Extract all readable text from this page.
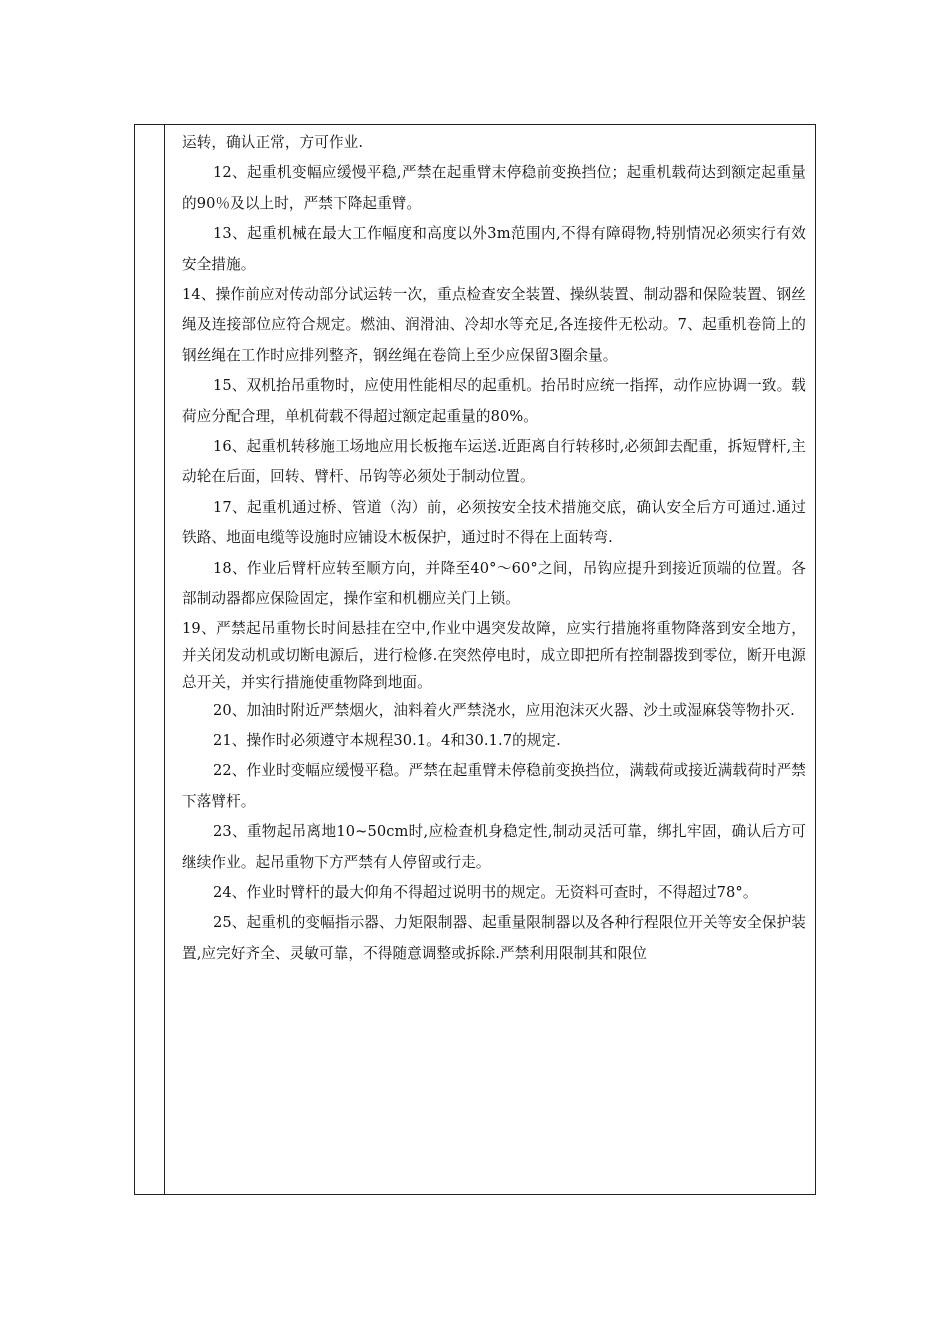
运转，确认正常，方可作业.

12、起重机变幅应缓慢平稳,严禁在起重臂末停稳前变换挡位；起重机载荷达到额定起重量的90％及以上时，严禁下降起重臂。

13、起重机械在最大工作幅度和高度以外3m范围内,不得有障碍物,特别情况必须实行有效安全措施。

14、操作前应对传动部分试运转一次，重点检查安全装置、操纵装置、制动器和保险装置、钢丝绳及连接部位应符合规定。燃油、润滑油、冷却水等充足,各连接件无松动。7、起重机卷筒上的钢丝绳在工作时应排列整齐，钢丝绳在卷筒上至少应保留3圈余量。

15、双机抬吊重物时，应使用性能相尽的起重机。抬吊时应统一指挥，动作应协调一致。载荷应分配合理，单机荷载不得超过额定起重量的80%。

16、起重机转移施工场地应用长板拖车运送.近距离自行转移时,必须卸去配重，拆短臂杆,主动轮在后面，回转、臂杆、吊钩等必须处于制动位置。

17、起重机通过桥、管道（沟）前，必须按安全技术措施交底，确认安全后方可通过.通过铁路、地面电缆等设施时应铺设木板保护，通过时不得在上面转弯.

18、作业后臂杆应转至顺方向，并降至40°～60°之间，吊钩应提升到接近顶端的位置。各部制动器都应保险固定，操作室和机棚应关门上锁。

19、严禁起吊重物长时间悬挂在空中,作业中遇突发故障，应实行措施将重物降落到安全地方，并关闭发动机或切断电源后，进行检修.在突然停电时，成立即把所有控制器拨到零位，断开电源总开关，并实行措施使重物降到地面。

20、加油时附近严禁烟火，油料着火严禁浇水，应用泡沫灭火器、沙土或湿麻袋等物扑灭.

21、操作时必须遵守本规程30.1。4和30.1.7的规定.

22、作业时变幅应缓慢平稳。严禁在起重臂未停稳前变换挡位，满载荷或接近满载荷时严禁下落臂杆。

23、重物起吊离地10~50cm时,应检查机身稳定性,制动灵活可靠，绑扎牢固，确认后方可继续作业。起吊重物下方严禁有人停留或行走。

24、作业时臂杆的最大仰角不得超过说明书的规定。无资料可查时，不得超过78°。

25、起重机的变幅指示器、力矩限制器、起重量限制器以及各种行程限位开关等安全保护装置,应完好齐全、灵敏可靠，不得随意调整或拆除.严禁利用限制其和限位
